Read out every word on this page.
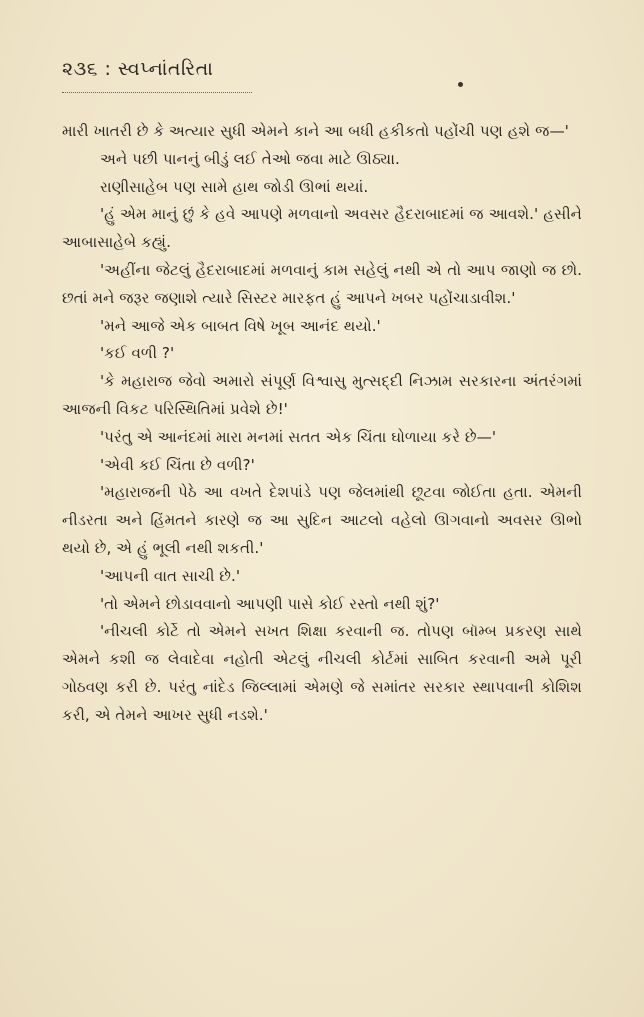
૨૩૬ : સ્વપ્નાંતરિતા

મારી ખાતરી છે કે અત્યાર સુધી એમને કાને આ બધી હકીકતો પહોંચી પણ હશે જ—'

અને પછી પાનનું બીડું લઈ તેઓ જવા માટે ઊઠ્યા.

રાણીસાહેબ પણ સામે હાથ જોડી ઊભાં થયાં.

'હું એમ માનું છું કે હવે આપણે મળવાનો અવસર હૈદરાબાદમાં જ આવશે.' હસીને આબાસાહેબે કહ્યું.

'અહીંના જેટલું હૈદરાબાદમાં મળવાનું કામ સહેલું નથી એ તો આપ જાણો જ છો. છતાં મને જરૂર જણાશે ત્યારે સિસ્ટર મારફત હું આપને ખબર પહોંચાડાવીશ.'

'મને આજે એક બાબત વિષે ખૂબ આનંદ થયો.'

'કઈ વળી ?'

'કે મહારાજ જેવો અમારો સંપૂર્ણ વિશ્વાસુ મુત્સદ્દી નિઝામ સરકારના અંતરંગમાં આજની વિકટ પરિસ્થિતિમાં પ્રવેશે છે!'

'પરંતુ એ આનંદમાં મારા મનમાં સતત એક ચિંતા ઘોળાયા કરે છે—'

'એવી કઈ ચિંતા છે વળી?'

'મહારાજની પેઠે આ વખતે દેશપાંડે પણ જેલમાંથી છૂટવા જોઈતા હતા. એમની નીડરતા અને હિંમતને કારણે જ આ સુદિન આટલો વહેલો ઊગવાનો અવસર ઊભો થયો છે, એ હું ભૂલી નથી શકતી.'

'આપની વાત સાચી છે.'

'તો એમને છોડાવવાનો આપણી પાસે કોઈ રસ્તો નથી શું?'

'નીચલી કોર્ટે તો એમને સખત શિક્ષા કરવાની જ. તોપણ બૉમ્બ પ્રકરણ સાથે એમને કશી જ લેવાદેવા નહોતી એટલું નીચલી કોર્ટમાં સાબિત કરવાની અમે પૂરી ગોઠવણ કરી છે. પરંતુ નાંદેડ જિલ્લામાં એમણે જે સમાંતર સરકાર સ્થાપવાની કોશિશ કરી, એ તેમને આખર સુધી નડશે.'
